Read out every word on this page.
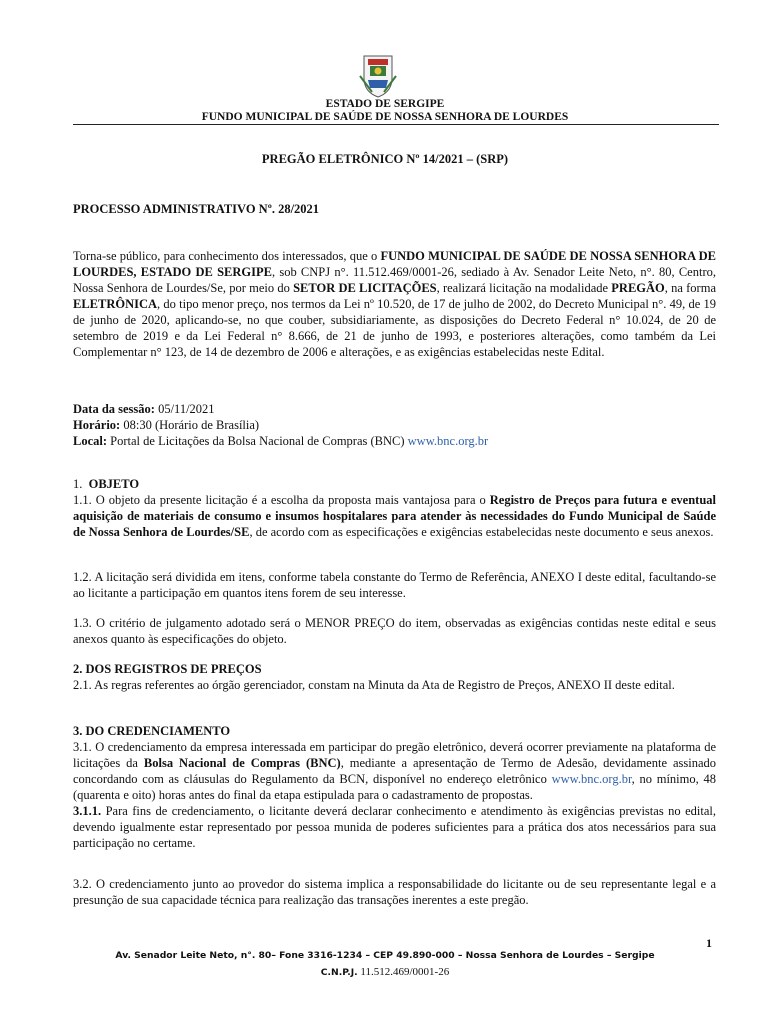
ESTADO DE SERGIPE
FUNDO MUNICIPAL DE SAÚDE DE NOSSA SENHORA DE LOURDES
PREGÃO ELETRÔNICO Nº 14/2021 – (SRP)
PROCESSO ADMINISTRATIVO Nº. 28/2021
Torna-se público, para conhecimento dos interessados, que o FUNDO MUNICIPAL DE SAÚDE DE NOSSA SENHORA DE LOURDES, ESTADO DE SERGIPE, sob CNPJ n°. 11.512.469/0001-26, sediado à Av. Senador Leite Neto, n°. 80, Centro, Nossa Senhora de Lourdes/Se, por meio do SETOR DE LICITAÇÕES, realizará licitação na modalidade PREGÃO, na forma ELETRÔNICA, do tipo menor preço, nos termos da Lei nº 10.520, de 17 de julho de 2002, do Decreto Municipal n°. 49, de 19 de junho de 2020, aplicando-se, no que couber, subsidiariamente, as disposições do Decreto Federal n° 10.024, de 20 de setembro de 2019 e da Lei Federal n° 8.666, de 21 de junho de 1993, e posteriores alterações, como também da Lei Complementar n° 123, de 14 de dezembro de 2006 e alterações, e as exigências estabelecidas neste Edital.
Data da sessão: 05/11/2021
Horário: 08:30 (Horário de Brasília)
Local: Portal de Licitações da Bolsa Nacional de Compras (BNC) www.bnc.org.br
1. OBJETO
1.1. O objeto da presente licitação é a escolha da proposta mais vantajosa para o Registro de Preços para futura e eventual aquisição de materiais de consumo e insumos hospitalares para atender às necessidades do Fundo Municipal de Saúde de Nossa Senhora de Lourdes/SE, de acordo com as especificações e exigências estabelecidas neste documento e seus anexos.
1.2. A licitação será dividida em itens, conforme tabela constante do Termo de Referência, ANEXO I deste edital, facultando-se ao licitante a participação em quantos itens forem de seu interesse.
1.3. O critério de julgamento adotado será o MENOR PREÇO do item, observadas as exigências contidas neste edital e seus anexos quanto às especificações do objeto.
2. DOS REGISTROS DE PREÇOS
2.1. As regras referentes ao órgão gerenciador, constam na Minuta da Ata de Registro de Preços, ANEXO II deste edital.
3. DO CREDENCIAMENTO
3.1. O credenciamento da empresa interessada em participar do pregão eletrônico, deverá ocorrer previamente na plataforma de licitações da Bolsa Nacional de Compras (BNC), mediante a apresentação de Termo de Adesão, devidamente assinado concordando com as cláusulas do Regulamento da BCN, disponível no endereço eletrônico www.bnc.org.br, no mínimo, 48 (quarenta e oito) horas antes do final da etapa estipulada para o cadastramento de propostas.
3.1.1. Para fins de credenciamento, o licitante deverá declarar conhecimento e atendimento às exigências previstas no edital, devendo igualmente estar representado por pessoa munida de poderes suficientes para a prática dos atos necessários para sua participação no certame.
3.2. O credenciamento junto ao provedor do sistema implica a responsabilidade do licitante ou de seu representante legal e a presunção de sua capacidade técnica para realização das transações inerentes a este pregão.
1
Av. Senador Leite Neto, n°. 80– Fone 3316-1234 – CEP 49.890-000 – Nossa Senhora de Lourdes – Sergipe
C.N.P.J. 11.512.469/0001-26
